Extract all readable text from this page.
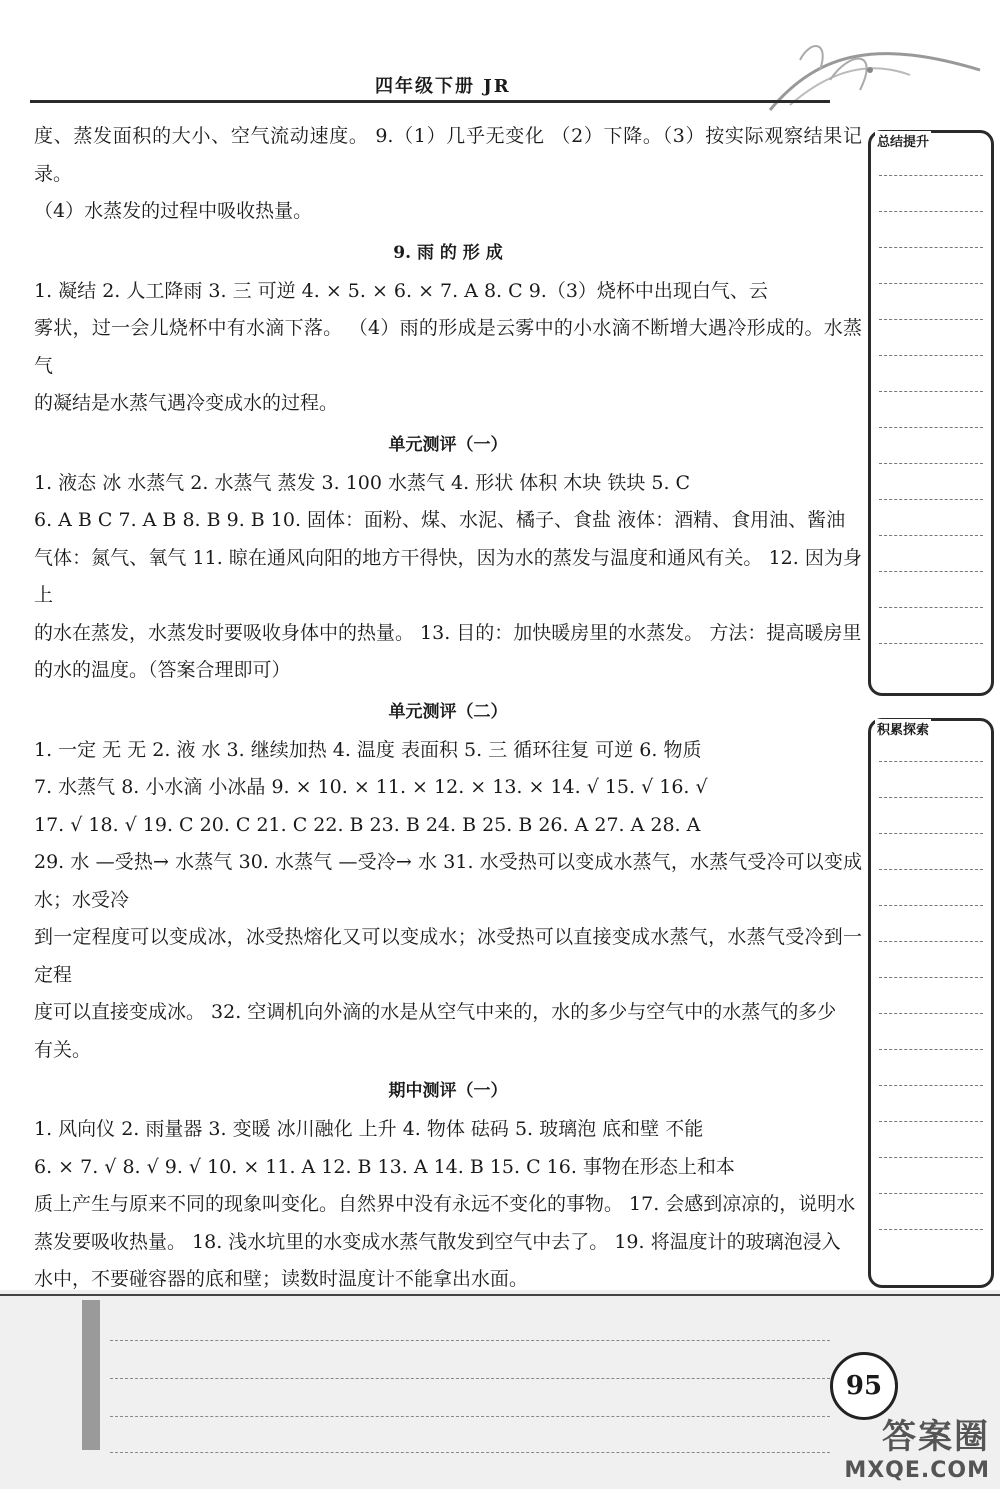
四年级下册 JR

度、蒸发面积的大小、空气流动速度。 9.（1）几乎无变化 （2）下降。（3）按实际观察结果记录。

（4）水蒸发的过程中吸收热量。

9. 雨 的 形 成

1. 凝结 2. 人工降雨 3. 三 可逆 4. × 5. × 6. × 7. A 8. C 9.（3）烧杯中出现白气、云

雾状，过一会儿烧杯中有水滴下落。 （4）雨的形成是云雾中的小水滴不断增大遇冷形成的。水蒸气

的凝结是水蒸气遇冷变成水的过程。

单元测评（一）

1. 液态 冰 水蒸气 2. 水蒸气 蒸发 3. 100 水蒸气 4. 形状 体积 木块 铁块 5. C

6. A B C 7. A B 8. B 9. B 10. 固体：面粉、煤、水泥、橘子、食盐 液体：酒精、食用油、酱油

气体：氮气、氧气 11. 晾在通风向阳的地方干得快，因为水的蒸发与温度和通风有关。 12. 因为身上

的水在蒸发，水蒸发时要吸收身体中的热量。 13. 目的：加快暖房里的水蒸发。 方法：提高暖房里

的水的温度。（答案合理即可）

单元测评（二）

1. 一定 无 无 2. 液 水 3. 继续加热 4. 温度 表面积 5. 三 循环往复 可逆 6. 物质

7. 水蒸气 8. 小水滴 小冰晶 9. × 10. × 11. × 12. × 13. × 14. √ 15. √ 16. √

17. √ 18. √ 19. C 20. C 21. C 22. B 23. B 24. B 25. B 26. A 27. A 28. A

29. 水 —受热→ 水蒸气 30. 水蒸气 —受冷→ 水 31. 水受热可以变成水蒸气，水蒸气受冷可以变成水；水受冷

到一定程度可以变成冰，冰受热熔化又可以变成水；冰受热可以直接变成水蒸气，水蒸气受冷到一定程

度可以直接变成冰。 32. 空调机向外滴的水是从空气中来的，水的多少与空气中的水蒸气的多少

有关。

期中测评（一）

1. 风向仪 2. 雨量器 3. 变暖 冰川融化 上升 4. 物体 砝码 5. 玻璃泡 底和壁 不能

6. × 7. √ 8. √ 9. √ 10. × 11. A 12. B 13. A 14. B 15. C 16. 事物在形态上和本

质上产生与原来不同的现象叫变化。自然界中没有永远不变化的事物。 17. 会感到凉凉的，说明水

蒸发要吸收热量。 18. 浅水坑里的水变成水蒸气散发到空气中去了。 19. 将温度计的玻璃泡浸入

水中，不要碰容器的底和壁；读数时温度计不能拿出水面。

总结提升
积累探索
95
答案圈
MXQE.COM
